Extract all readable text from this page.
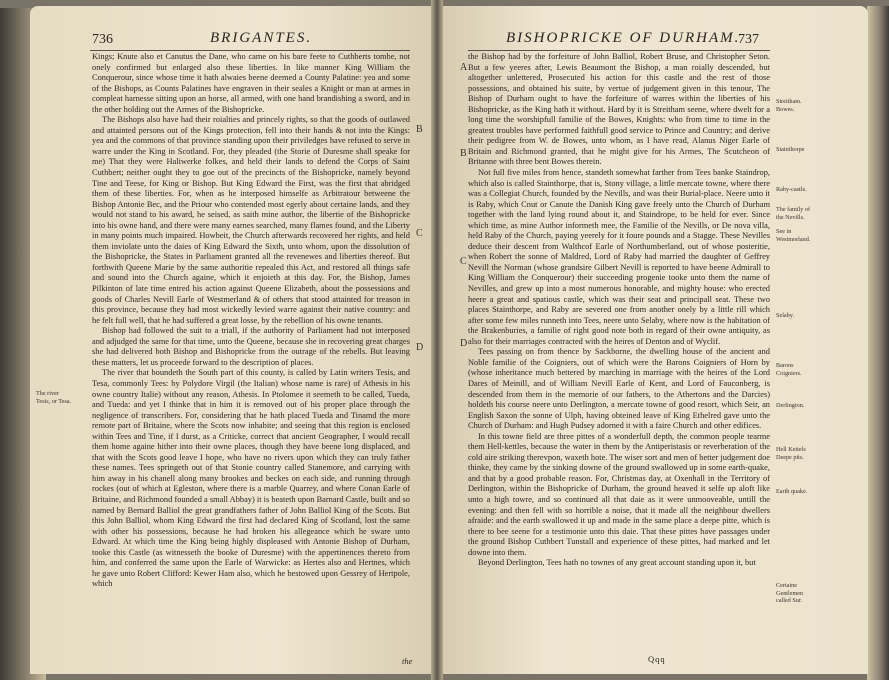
736	BRIGANTES.

Kings; Knute also et Canutus the Dane, who came on his bare feete to Cuthberts tombe, not onely confirmed but enlarged also these liberties. In like manner King William the Conquerour, since whose time it hath alwaies beene deemed a County Palatine: yea and some of the Bishops, as Counts Palatines have engraven in their seales a Knight or man at armes in compleat harnesse sitting upon an horse, all armed, with one hand brandishing a sword, and in the other holding out the Armes of the Bishopricke.

The Bishops also have had their roialties and princely rights, so that the goods of outlawed and attainted persons out of the Kings protection, fell into their hands & not into the Kings: yea and the commons of that province standing upon their priviledges have refused to serve in warre under the King in Scotland. For, they pleaded (the Storie of Duresme shall speake for me) That they were Haliwerke folkes, and held their lands to defend the Corps of Saint Cuthbert; neither ought they to goe out of the precincts of the Bishopricke, namely beyond Tine and Teese, for King or Bishop. But King Edward the First, was the first that abridged them of these liberties. For, when as he interposed himselfe as Arbitratour betweene the Bishop Antonie Bec, and the Priour who contended most egerly about certaine lands, and they would not stand to his award, he seised, as saith mine author, the libertie of the Bishopricke into his owne hand, and there were many earnes searched, many flames found, and the Liberty in many points much impaired. Howbeit, the Church afterwards recovered her rights, and held them inviolate unto the daies of King Edward the Sixth, unto whom, upon the dissolution of the Bishopricke, the States in Parliament granted all the revenewes and liberties thereof. But forthwith Queene Marie by the same authoritie repealed this Act, and restored all things safe and sound into the Church againe, which it enjoieth at this day. For, the Bishop, James Pilkinton of late time entred his action against Queene Elizabeth, about the possessions and goods of Charles Nevill Earle of Westmerland & of others that stood attainted for treason in this province, because they had most wickedly levied warre against their native country: and he felt full well, that he had suffered a great losse, by the rebellion of his owne tenants.

Bishop had followed the suit to a triall, if the authority of Parliament had not interposed and adjudged the same for that time, unto the Queene, because she in recovering great charges she had delivered both Bishop and Bishopricke from the outrage of the rebells. But leaving these matters, let us proceede forward to the description of places.

The river that boundeth the South part of this county, is called by Latin writers Tesis, and Tesa, commonly Tees: by Polydore Virgil (the Italian) whose name is rare) of Athesis in his owne country Italie) without any reason, Athesis. In Ptolomee it seemeth to be called, Tueda, and Tueda: and yet I thinke that in him it is removed out of his proper place through the negligence of transcribers. For, considering that he hath placed Tueda and Tinamd the more remote part of Britaine, where the Scots now inhabite; and seeing that this region is enclosed within Tees and Tine, if I durst, as a Criticke, correct that ancient Geographer, I would recall them home againe hither into their owne places, though they have beene long displaced, and that with the Scots good leave I hope, who have no rivers upon which they can truly father these names. Tees springeth out of that Stonie country called Stanemore, and carrying with him away in his chanell along many brookes and beckes on each side, and running through rockes (out of which at Egleston, where there is a marble Quarrey, and where Conan Earle of Britaine, and Richmond founded a small Abbay) it is beateth upon Barnard Castle, built and so named by Bernard Balliol the great grandfathers father of John Balliol King of the Scots. But this John Balliol, whom King Edward the first had declared King of Scotland, lost the same with other his possessions, because he had broken his allegeance which he sware unto Edward. At which time the King being highly displeased with Antonie Bishop of Durham, tooke this Castle (as witnesseth the booke of Duresme) with the appertinences thereto from him, and conferred the same upon the Earle of Warwicke: as Hertes also and Hertnes, which he gave unto Robert Clifford: Kewer Ham also, which he bestowed upon Gessrey of Hertpole, which

the
The river Tesis, or Tesa.
B
C
D
BISHOPRICKE OF DURHAM.
737

the Bishop had by the forfeiture of John Balliol, Robert Bruse, and Christopher Seton. But a few yeeres after, Lewis Beaumont the Bishop, a man roially descended, but altogether unlettered, Prosecuted his action for this castle and the rest of those possessions, and obtained his suite, by vertue of judgement given in this tenour, The Bishop of Durham ought to have the forfeiture of warres within the liberties of his Bishopricke, as the King hath it without. Hard by it is Streitham seene, where dwelt for a long time the worshipfull familie of the Bowes, Knights: who from time to time in the greatest troubles have performed faithfull good service to Prince and Country; and derive their pedigree from W. de Bowes, unto whom, as I have read, Alanus Niger Earle of Britain and Richmond granted, that he might give for his Armes, The Scutcheon of Britanne with three bent Bowes therein.

Not full five miles from hence, standeth somewhat farther from Tees banke Staindrop, which also is called Stainthorpe, that is, Stony village, a little mercate towne, where there was a Collegiat Church, founded by the Nevills, and was their Burial-place. Neere unto it is Raby, which Cnut or Canute the Danish King gave freely unto the Church of Durham together with the land lying round about it, and Staindrope, to be held for ever. Since which time, as mine Author informeth mee, the Familie of the Nevills, or De nova villa, held Raby of the Church, paying yeerely for it foure pounds and a Stagge. These Nevilles deduce their descent from Walthcof Earle of Northumberland, out of whose posteritie, when Robert the sonne of Maldred, Lord of Raby had married the daughter of Geffrey Nevill the Norman (whose grandsire Gilbert Nevill is reported to have beene Admirall to King William the Conquerour) their succeeding progenie tooke unto them the name of Nevilles, and grew up into a most numerous honorable, and mighty house: who erected heere a great and spatious castle, which was their seat and principall seat. These two places Stainthorpe, and Raby are severed one from another onely by a little rill which after some few miles runneth into Tees, neere unto Selaby, where now is the habitation of the Brakenburies, a familie of right good note both in regard of their owne antiquity, as also for their marriages contracted with the heires of Denton and of Wyclif.

Tees passing on from thence by Sackborne, the dwelling house of the ancient and Noble familie of the Coigniers, out of which were the Barons Coigniers of Horn by (whose inheritance much bettered by marching in marriage with the heires of the Lord Dares of Meinill, and of William Nevill Earle of Kent, and Lord of Fauconberg, is descended from them in the memorie of our fathers, to the Athertons and the Darcies) holdeth his course neere unto Derlington, a mercate towne of good resort, which Seir, an English Saxon the sonne of Ulph, having obteined leave of King Ethelred gave unto the Church of Durham: and Hugh Pudsey adorned it with a faire Church and other edifices.

In this towne field are three pittes of a wonderfull depth, the common people tearme them Hell-kettles, because the water in them by the Antiperistasis or reverberation of the cold aire striking therevpon, waxeth hote. The wiser sort and men of better judgement doe thinke, they came by the sinking downe of the ground swallowed up in some earth-quake, and that by a good probable reason. For, Christmas day, at Oxenhall in the Territory of Derlington, within the Bishopricke of Durham, the ground heaved it selfe up aloft like unto a high towre, and so continued all that daie as it were unmooveable, untill the evening: and then fell with so horrible a noise, that it made all the neighbour dwellers afraide: and the earth swallowed it up and made in the same place a deepe pitte, which is there to bee seene for a testimonie unto this daie. That these pittes have passages under the ground Bishop Cuthbert Tunstall and experience of these pittes, had marked and let downe into them.

Beyond Derlington, Tees hath no townes of any great account standing upon it, but

Qqq
Streitham. Bowes.
Stainthorpe
Raby-castle.
The family of the Nevills.
See in Westmorland.
Selaby.
Barons Coigniers.
Derlington.
Hell Kettels Deepe pits.
Earth quake.
Certaine Gentlemen called Sur.
A
B
C
D
